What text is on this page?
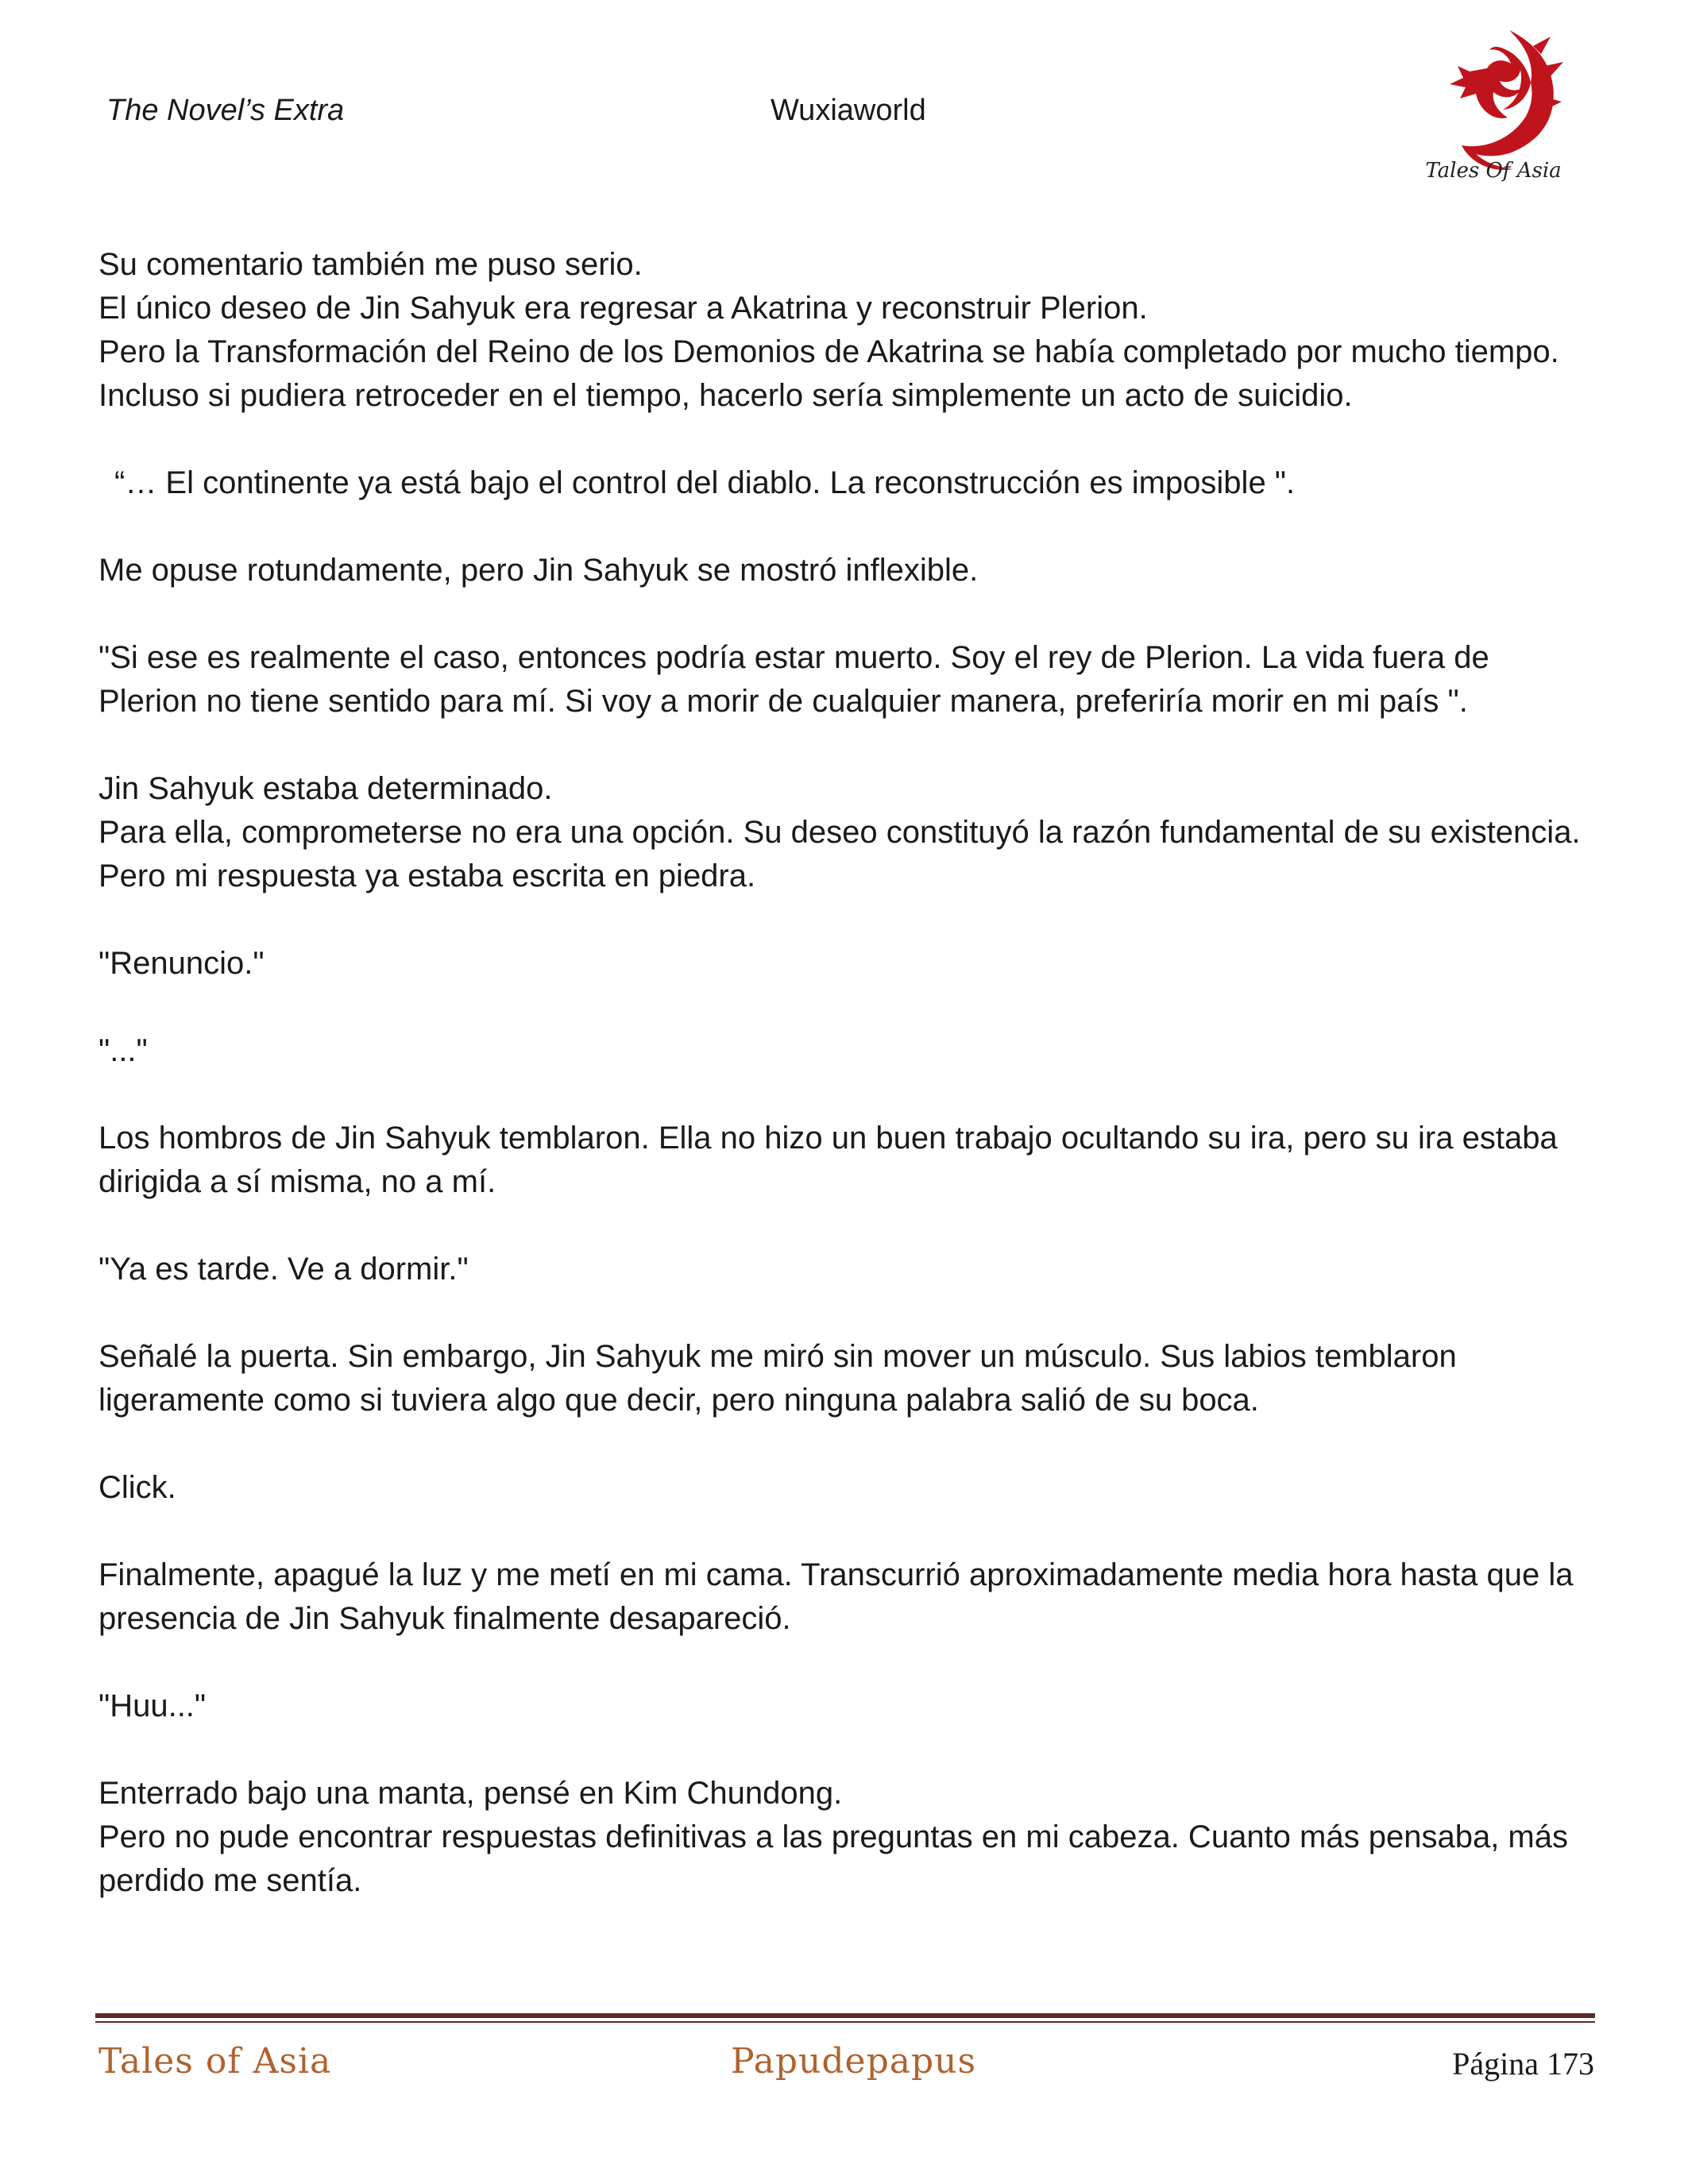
The Novel’s Extra	Wuxiaworld
Tales Of Asia

Su comentario también me puso serio.

El único deseo de Jin Sahyuk era regresar a Akatrina y reconstruir Plerion.

Pero la Transformación del Reino de los Demonios de Akatrina se había completado por mucho tiempo. Incluso si pudiera retroceder en el tiempo, hacerlo sería simplemente un acto de suicidio.

“… El continente ya está bajo el control del diablo. La reconstrucción es imposible ".

Me opuse rotundamente, pero Jin Sahyuk se mostró inflexible.

"Si ese es realmente el caso, entonces podría estar muerto. Soy el rey de Plerion. La vida fuera de Plerion no tiene sentido para mí. Si voy a morir de cualquier manera, preferiría morir en mi país ".

Jin Sahyuk estaba determinado.

Para ella, comprometerse no era una opción. Su deseo constituyó la razón fundamental de su existencia. Pero mi respuesta ya estaba escrita en piedra.

"Renuncio."

"..."

Los hombros de Jin Sahyuk temblaron. Ella no hizo un buen trabajo ocultando su ira, pero su ira estaba dirigida a sí misma, no a mí.

"Ya es tarde. Ve a dormir."

Señalé la puerta. Sin embargo, Jin Sahyuk me miró sin mover un músculo. Sus labios temblaron ligeramente como si tuviera algo que decir, pero ninguna palabra salió de su boca.

Click.

Finalmente, apagué la luz y me metí en mi cama. Transcurrió aproximadamente media hora hasta que la presencia de Jin Sahyuk finalmente desapareció.

"Huu..."

Enterrado bajo una manta, pensé en Kim Chundong.

Pero no pude encontrar respuestas definitivas a las preguntas en mi cabeza. Cuanto más pensaba, más perdido me sentía.

Tales of Asia	Papudepapus	Página 173
